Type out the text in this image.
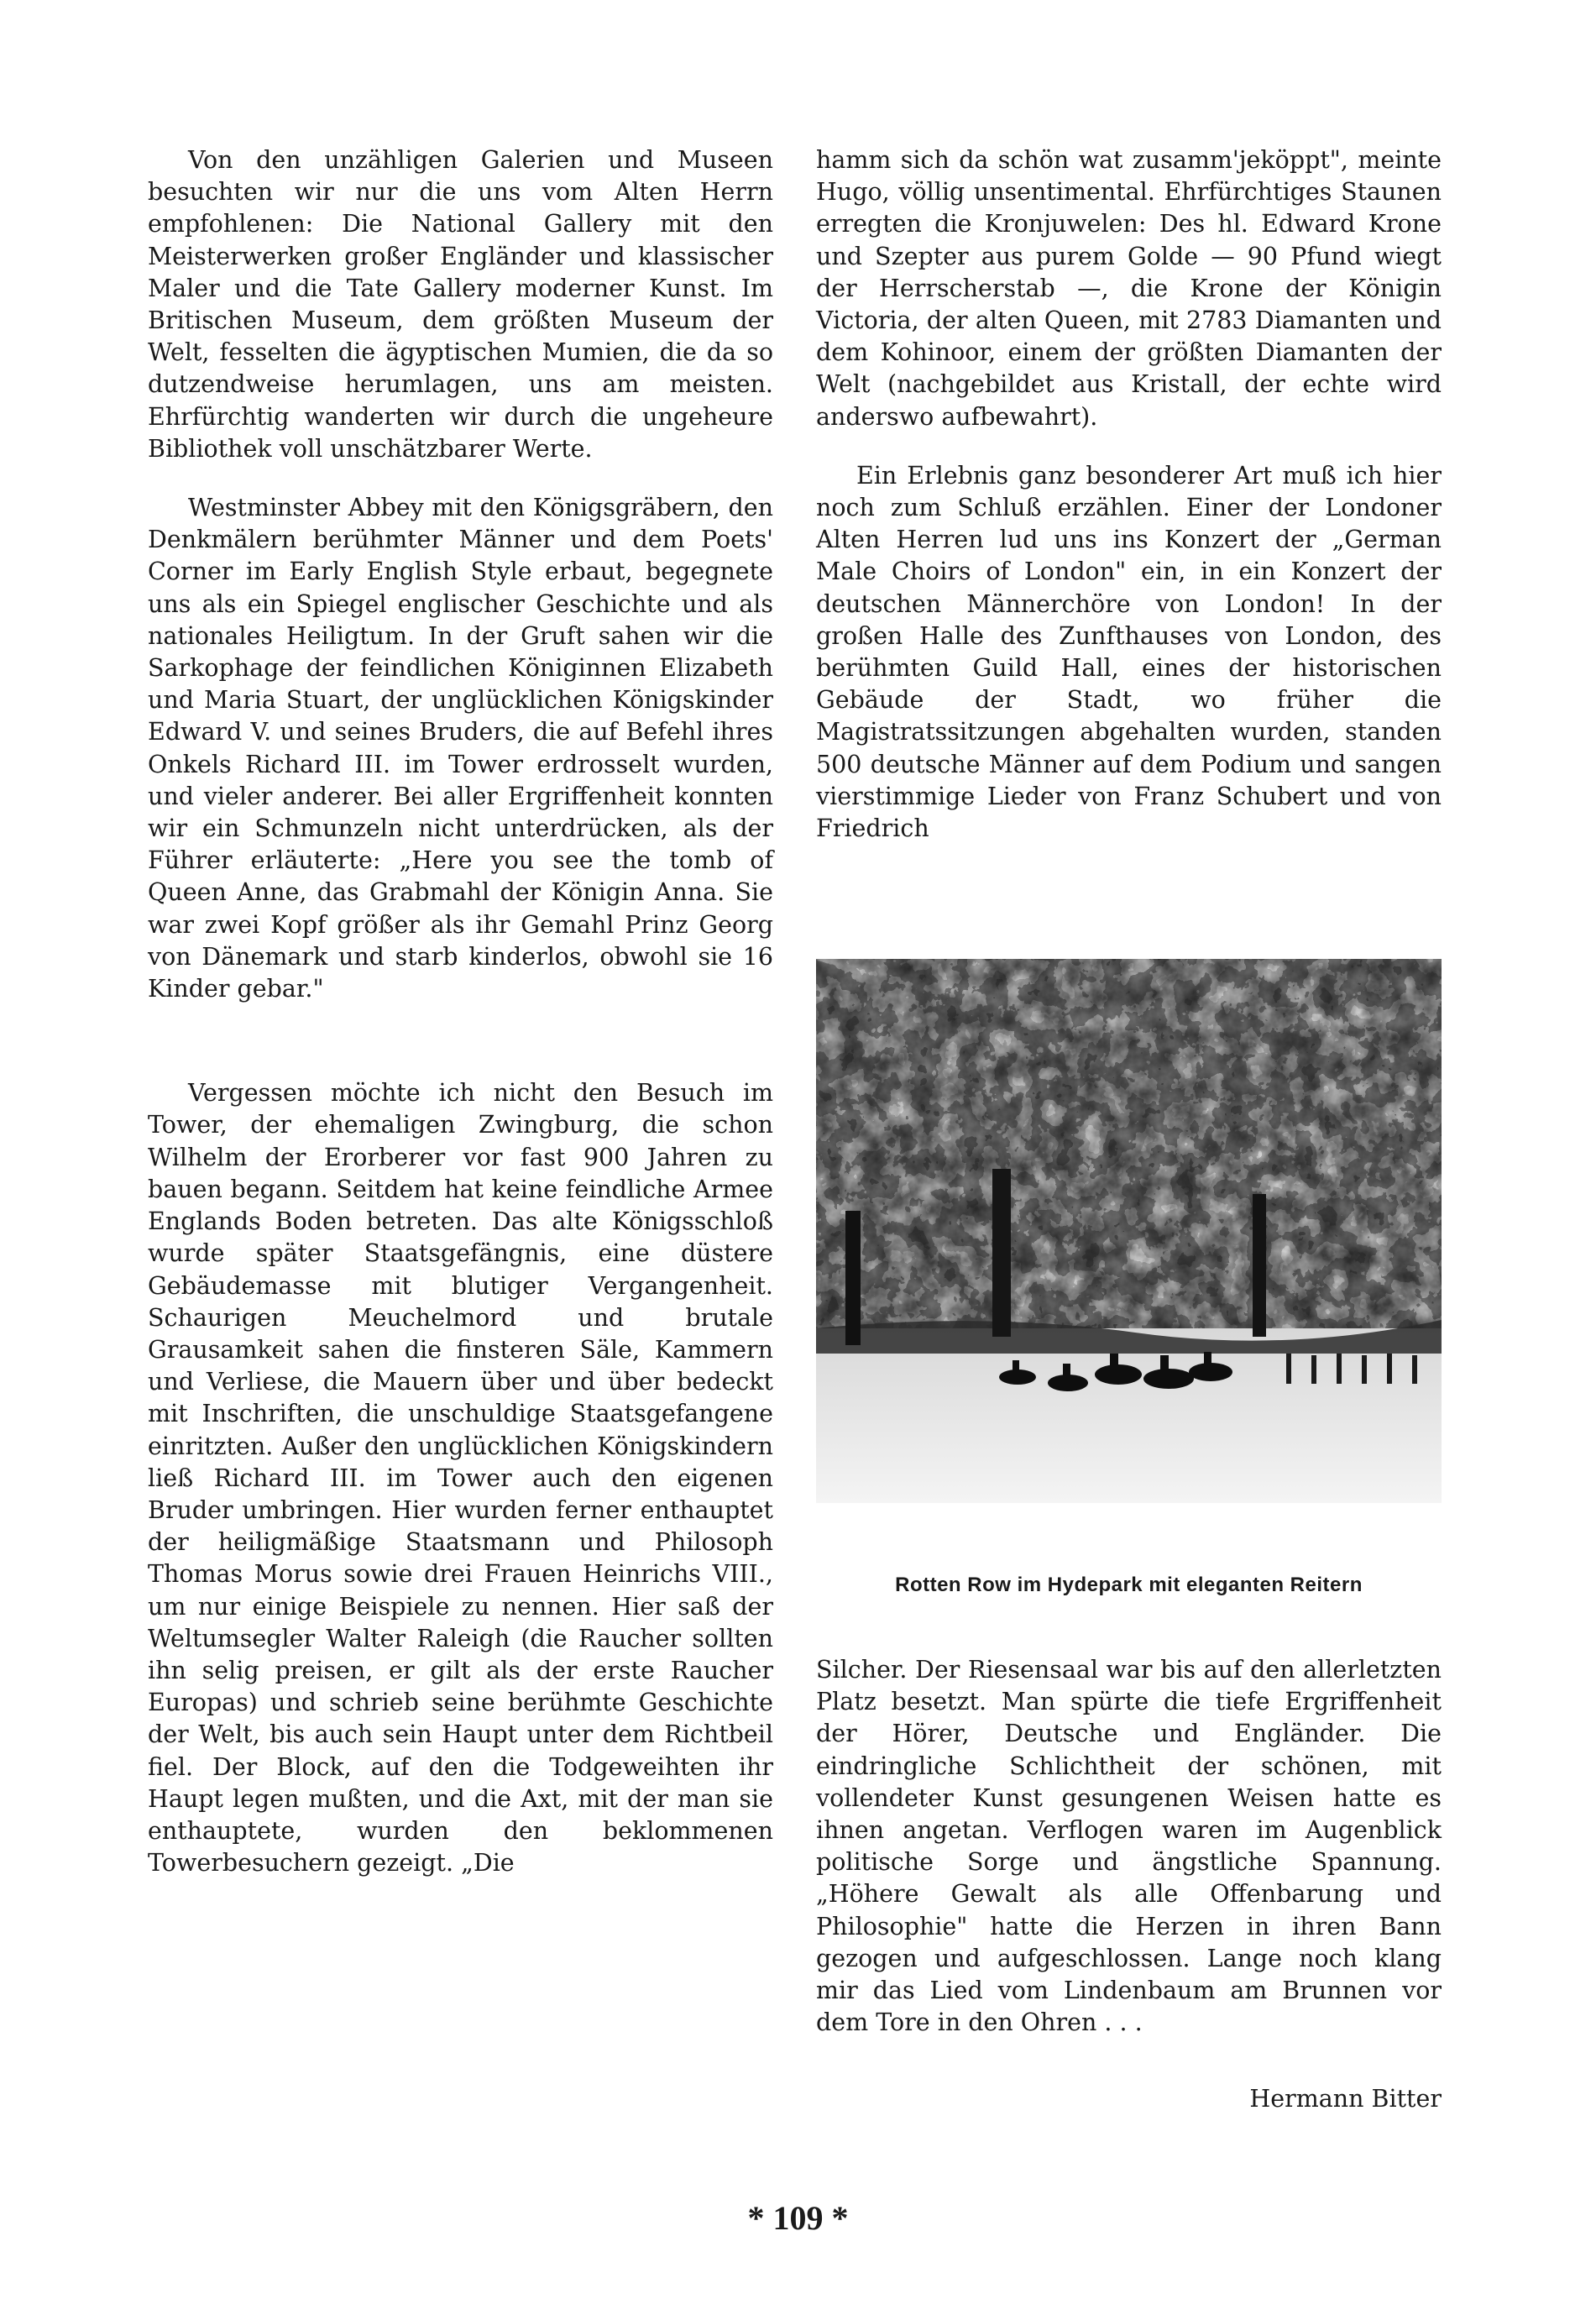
Von den unzähligen Galerien und Museen besuchten wir nur die uns vom Alten Herrn empfohlenen: Die National Gallery mit den Meisterwerken großer Engländer und klassischer Maler und die Tate Gallery moderner Kunst. Im Britischen Museum, dem größten Museum der Welt, fesselten die ägyptischen Mumien, die da so dutzendweise herumlagen, uns am meisten. Ehrfürchtig wanderten wir durch die ungeheure Bibliothek voll unschätzbarer Werte.

Westminster Abbey mit den Königsgräbern, den Denkmälern berühmter Männer und dem Poets' Corner im Early English Style erbaut, begegnete uns als ein Spiegel englischer Geschichte und als nationales Heiligtum. In der Gruft sahen wir die Sarkophage der feindlichen Königinnen Elizabeth und Maria Stuart, der unglücklichen Königskinder Edward V. und seines Bruders, die auf Befehl ihres Onkels Richard III. im Tower erdrosselt wurden, und vieler anderer. Bei aller Ergriffenheit konnten wir ein Schmunzeln nicht unterdrücken, als der Führer erläuterte: „Here you see the tomb of Queen Anne, das Grabmahl der Königin Anna. Sie war zwei Kopf größer als ihr Gemahl Prinz Georg von Dänemark und starb kinderlos, obwohl sie 16 Kinder gebar."

Vergessen möchte ich nicht den Besuch im Tower, der ehemaligen Zwingburg, die schon Wilhelm der Erorberer vor fast 900 Jahren zu bauen begann. Seitdem hat keine feindliche Armee Englands Boden betreten. Das alte Königsschloß wurde später Staatsgefängnis, eine düstere Gebäudemasse mit blutiger Vergangenheit. Schaurigen Meuchelmord und brutale Grausamkeit sahen die finsteren Säle, Kammern und Verliese, die Mauern über und über bedeckt mit Inschriften, die unschuldige Staatsgefangene einritzten. Außer den unglücklichen Königskindern ließ Richard III. im Tower auch den eigenen Bruder umbringen. Hier wurden ferner enthauptet der heiligmäßige Staatsmann und Philosoph Thomas Morus sowie drei Frauen Heinrichs VIII., um nur einige Beispiele zu nennen. Hier saß der Weltumsegler Walter Raleigh (die Raucher sollten ihn selig preisen, er gilt als der erste Raucher Europas) und schrieb seine berühmte Geschichte der Welt, bis auch sein Haupt unter dem Richtbeil fiel. Der Block, auf den die Todgeweihten ihr Haupt legen mußten, und die Axt, mit der man sie enthauptete, wurden den beklommenen Towerbesuchern gezeigt. „Die

hamm sich da schön wat zusamm'jeköppt", meinte Hugo, völlig unsentimental. Ehrfürchtiges Staunen erregten die Kronjuwelen: Des hl. Edward Krone und Szepter aus purem Golde — 90 Pfund wiegt der Herrscherstab —, die Krone der Königin Victoria, der alten Queen, mit 2783 Diamanten und dem Kohinoor, einem der größten Diamanten der Welt (nachgebildet aus Kristall, der echte wird anderswo aufbewahrt).

Ein Erlebnis ganz besonderer Art muß ich hier noch zum Schluß erzählen. Einer der Londoner Alten Herren lud uns ins Konzert der „German Male Choirs of London" ein, in ein Konzert der deutschen Männerchöre von London! In der großen Halle des Zunfthauses von London, des berühmten Guild Hall, eines der historischen Gebäude der Stadt, wo früher die Magistratssitzungen abgehalten wurden, standen 500 deutsche Männer auf dem Podium und sangen vierstimmige Lieder von Franz Schubert und von Friedrich

Rotten Row im Hydepark mit eleganten Reitern

Silcher. Der Riesensaal war bis auf den allerletzten Platz besetzt. Man spürte die tiefe Ergriffenheit der Hörer, Deutsche und Engländer. Die eindringliche Schlichtheit der schönen, mit vollendeter Kunst gesungenen Weisen hatte es ihnen angetan. Verflogen waren im Augenblick politische Sorge und ängstliche Spannung. „Höhere Gewalt als alle Offenbarung und Philosophie" hatte die Herzen in ihren Bann gezogen und aufgeschlossen. Lange noch klang mir das Lied vom Lindenbaum am Brunnen vor dem Tore in den Ohren . . .

Hermann Bitter

* 109 *
